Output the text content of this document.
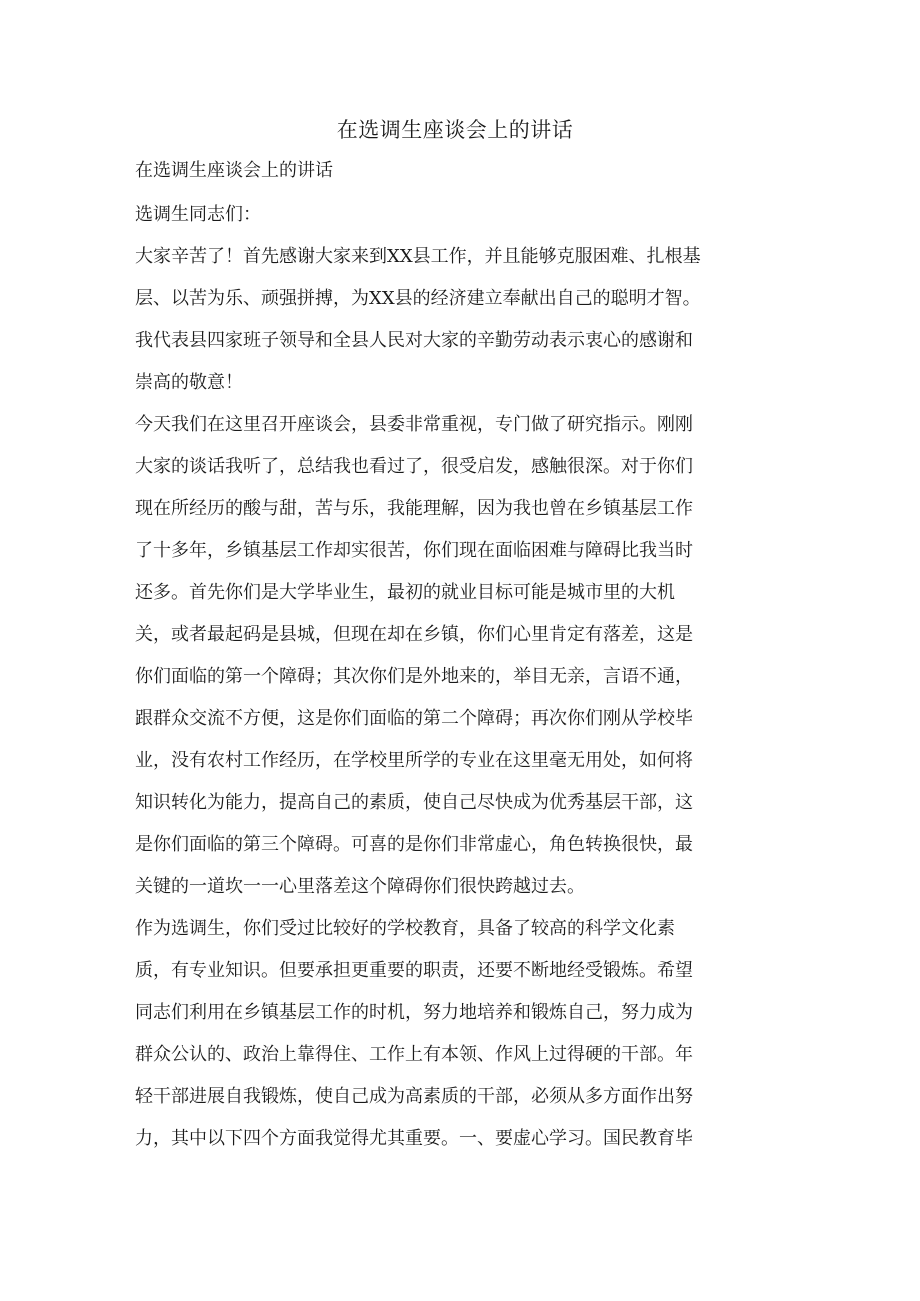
在选调生座谈会上的讲话
在选调生座谈会上的讲话
选调生同志们：
大家辛苦了！首先感谢大家来到XX县工作，并且能够克服困难、扎根基
层、以苦为乐、顽强拼搏，为XX县的经济建立奉献出自己的聪明才智。
我代表县四家班子领导和全县人民对大家的辛勤劳动表示衷心的感谢和
崇高的敬意！
今天我们在这里召开座谈会，县委非常重视，专门做了研究指示。刚刚
大家的谈话我听了，总结我也看过了，很受启发，感触很深。对于你们
现在所经历的酸与甜，苦与乐，我能理解，因为我也曾在乡镇基层工作
了十多年，乡镇基层工作却实很苦，你们现在面临困难与障碍比我当时
还多。首先你们是大学毕业生，最初的就业目标可能是城市里的大机
关，或者最起码是县城，但现在却在乡镇，你们心里肯定有落差，这是
你们面临的第一个障碍；其次你们是外地来的，举目无亲，言语不通，
跟群众交流不方便，这是你们面临的第二个障碍；再次你们刚从学校毕
业，没有农村工作经历，在学校里所学的专业在这里毫无用处，如何将
知识转化为能力，提高自己的素质，使自己尽快成为优秀基层干部，这
是你们面临的第三个障碍。可喜的是你们非常虚心，角色转换很快，最
关键的一道坎一一心里落差这个障碍你们很快跨越过去。
作为选调生，你们受过比较好的学校教育，具备了较高的科学文化素
质，有专业知识。但要承担更重要的职责，还要不断地经受锻炼。希望
同志们利用在乡镇基层工作的时机，努力地培养和锻炼自己，努力成为
群众公认的、政治上靠得住、工作上有本领、作风上过得硬的干部。年
轻干部进展自我锻炼，使自己成为高素质的干部，必须从多方面作出努
力，其中以下四个方面我觉得尤其重要。一、要虚心学习。国民教育毕
